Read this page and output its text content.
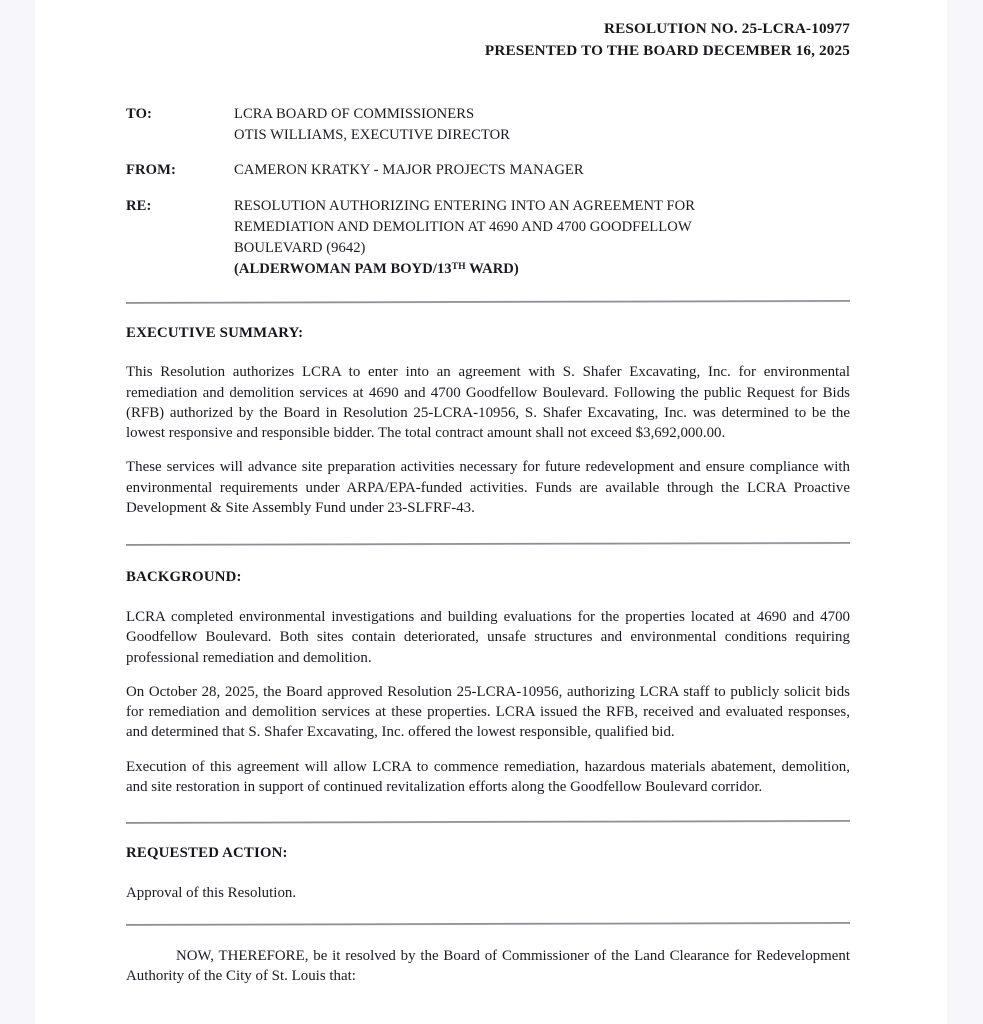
RESOLUTION NO. 25-LCRA-10977
PRESENTED TO THE BOARD DECEMBER 16, 2025
TO:	LCRA BOARD OF COMMISSIONERS
OTIS WILLIAMS, EXECUTIVE DIRECTOR
FROM:	CAMERON KRATKY - MAJOR PROJECTS MANAGER
RE:	RESOLUTION AUTHORIZING ENTERING INTO AN AGREEMENT FOR
REMEDIATION AND DEMOLITION AT 4690 AND 4700 GOODFELLOW
BOULEVARD (9642)
(ALDERWOMAN PAM BOYD/13TH WARD)
EXECUTIVE SUMMARY:

This Resolution authorizes LCRA to enter into an agreement with S. Shafer Excavating, Inc. for environmental remediation and demolition services at 4690 and 4700 Goodfellow Boulevard. Following the public Request for Bids (RFB) authorized by the Board in Resolution 25-LCRA-10956, S. Shafer Excavating, Inc. was determined to be the lowest responsive and responsible bidder. The total contract amount shall not exceed $3,692,000.00.

These services will advance site preparation activities necessary for future redevelopment and ensure compliance with environmental requirements under ARPA/EPA-funded activities. Funds are available through the LCRA Proactive Development & Site Assembly Fund under 23-SLFRF-43.

BACKGROUND:

LCRA completed environmental investigations and building evaluations for the properties located at 4690 and 4700 Goodfellow Boulevard. Both sites contain deteriorated, unsafe structures and environmental conditions requiring professional remediation and demolition.

On October 28, 2025, the Board approved Resolution 25-LCRA-10956, authorizing LCRA staff to publicly solicit bids for remediation and demolition services at these properties. LCRA issued the RFB, received and evaluated responses, and determined that S. Shafer Excavating, Inc. offered the lowest responsible, qualified bid.

Execution of this agreement will allow LCRA to commence remediation, hazardous materials abatement, demolition, and site restoration in support of continued revitalization efforts along the Goodfellow Boulevard corridor.

REQUESTED ACTION:

Approval of this Resolution.

NOW, THEREFORE, be it resolved by the Board of Commissioner of the Land Clearance for Redevelopment Authority of the City of St. Louis that:
